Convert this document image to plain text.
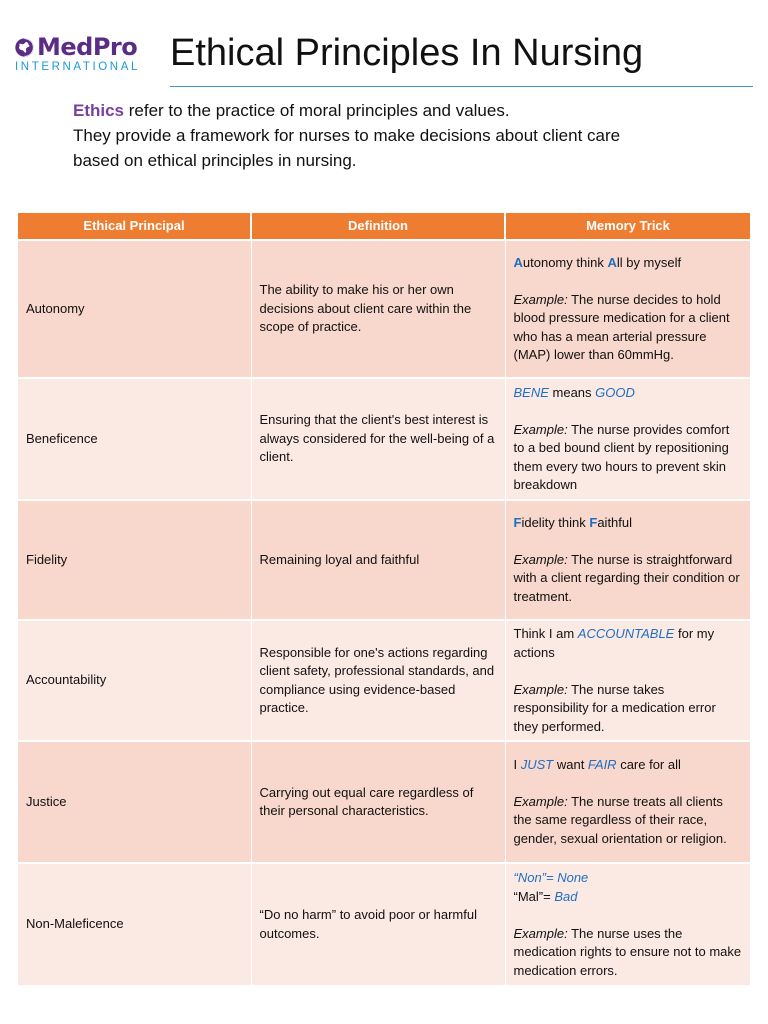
MedPro
INTERNATIONAL Ethical Principles In Nursing

Ethics refer to the practice of moral principles and values.

They provide a framework for nurses to make decisions about client care

based on ethical principles in nursing.

Ethical Principal	Definition	Memory Trick
Autonomy	The ability to make his or her own decisions about client care within the scope of practice.	Autonomy think All by myself
Example: The nurse decides to hold blood pressure medication for a client who has a mean arterial pressure (MAP) lower than 60mmHg.

Beneficence	Ensuring that the client's best interest is always considered for the well-being of a client.	BENE means GOOD
Example: The nurse provides comfort to a bed bound client by repositioning them every two hours to prevent skin breakdown

Fidelity	Remaining loyal and faithful	Fidelity think Faithful
Example: The nurse is straightforward with a client regarding their condition or treatment.

Accountability	Responsible for one's actions regarding client safety, professional standards, and compliance using evidence-based practice.	Think I am ACCOUNTABLE for my actions
Example: The nurse takes responsibility for a medication error they performed.

Justice	Carrying out equal care regardless of their personal characteristics.	I JUST want FAIR care for all
Example: The nurse treats all clients the same regardless of their race, gender, sexual orientation or religion.

Non-Maleficence	“Do no harm” to avoid poor or harmful outcomes.	“Non”= None
“Mal”= Bad
Example: The nurse uses the medication rights to ensure not to make medication errors.
